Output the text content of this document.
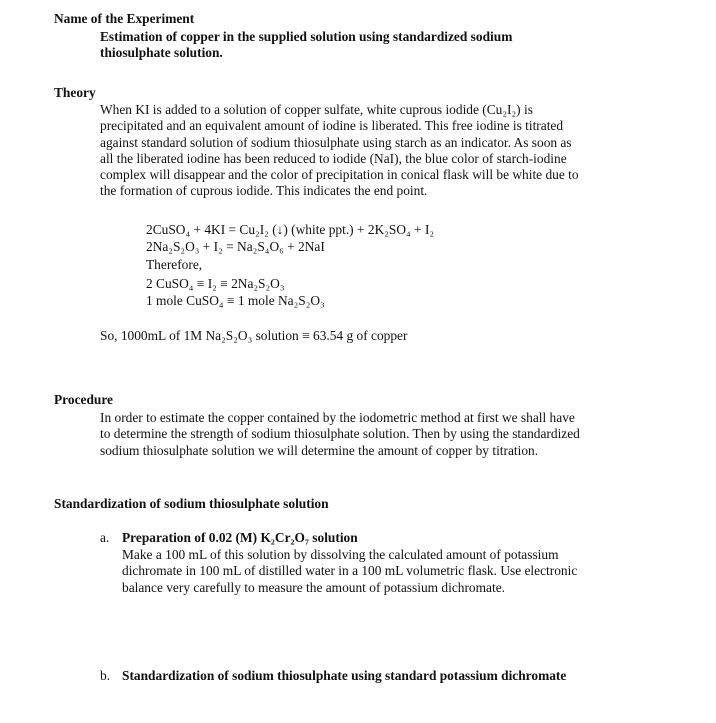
Name of the Experiment
Estimation of copper in the supplied solution using standardized sodium
thiosulphate solution.
Theory
When KI is added to a solution of copper sulfate, white cuprous iodide (Cu₂I₂) is
precipitated and an equivalent amount of iodine is liberated. This free iodine is titrated
against standard solution of sodium thiosulphate using starch as an indicator. As soon as
all the liberated iodine has been reduced to iodide (NaI), the blue color of starch-iodine
complex will disappear and the color of precipitation in conical flask will be white due to
the formation of cuprous iodide. This indicates the end point.
2CuSO₄ + 4KI = Cu₂I₂ (↓) (white ppt.) + 2K₂SO₄ + I₂
2Na₂S₂O₃ + I₂ = Na₂S₄O₆ + 2NaI
Therefore,
2 CuSO₄ ≡ I₂ ≡ 2Na₂S₂O₃
1 mole CuSO₄ ≡ 1 mole Na₂S₂O₃
So, 1000mL of 1M Na₂S₂O₃ solution ≡ 63.54 g of copper
Procedure
In order to estimate the copper contained by the iodometric method at first we shall have
to determine the strength of sodium thiosulphate solution. Then by using the standardized
sodium thiosulphate solution we will determine the amount of copper by titration.
Standardization of sodium thiosulphate solution
a. Preparation of 0.02 (M) K₂Cr₂O₇ solution
Make a 100 mL of this solution by dissolving the calculated amount of potassium
dichromate in 100 mL of distilled water in a 100 mL volumetric flask. Use electronic
balance very carefully to measure the amount of potassium dichromate.
b. Standardization of sodium thiosulphate using standard potassium dichromate
